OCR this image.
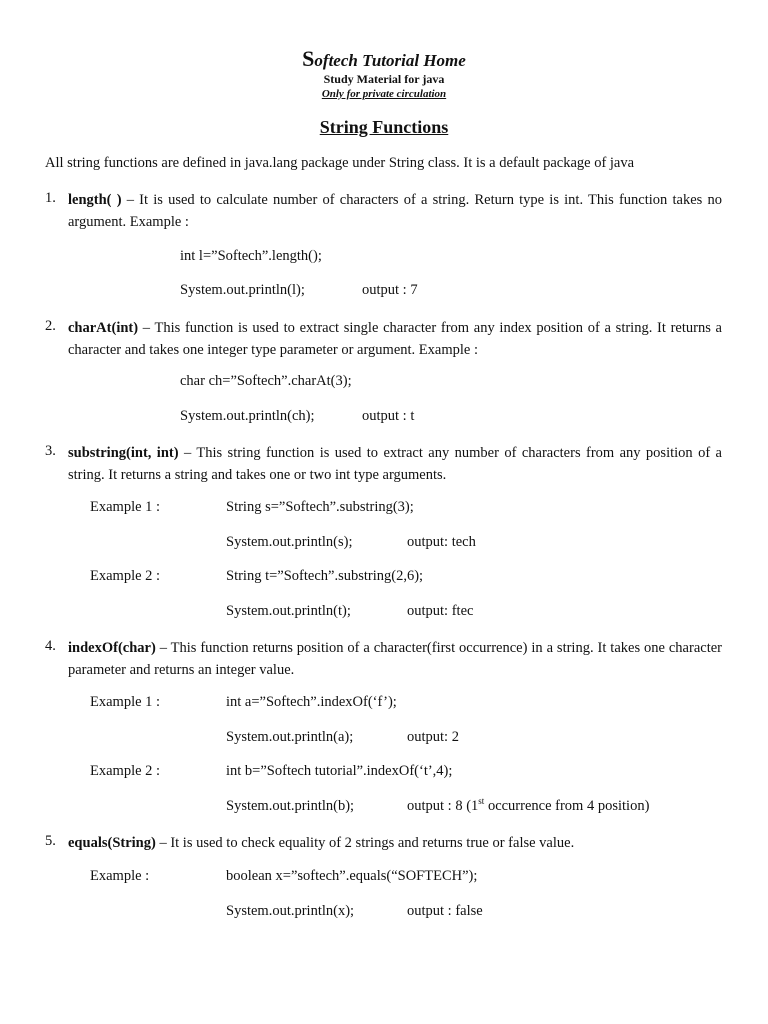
Softech Tutorial Home
Study Material for java
Only for private circulation
String Functions
All string functions are defined in java.lang package under String class. It is a default package of java
1. length( ) – It is used to calculate number of characters of a string. Return type is int. This function takes no argument. Example :
int l=”Softech”.length();
System.out.println(l);	output : 7
2. charAt(int) – This function is used to extract single character from any index position of a string. It returns a character and takes one integer type parameter or argument. Example :
char ch=”Softech”.charAt(3);
System.out.println(ch);	output : t
3. substring(int, int) – This string function is used to extract any number of characters from any position of a string. It returns a string and takes one or two int type arguments.
Example 1 :	String s=”Softech”.substring(3);
System.out.println(s);	output: tech
Example 2 :	String t=”Softech”.substring(2,6);
System.out.println(t);	output: ftec
4. indexOf(char) – This function returns position of a character(first occurrence) in a string. It takes one character parameter and returns an integer value.
Example 1 :	int a=”Softech”.indexOf(‘f’);
System.out.println(a);	output: 2
Example 2 :	int b=”Softech tutorial”.indexOf(‘t’,4);
System.out.println(b);	output : 8 (1st occurrence from 4 position)
5. equals(String) – It is used to check equality of 2 strings and returns true or false value.
Example :	boolean x=”softech”.equals(“SOFTECH”);
System.out.println(x);	output : false
